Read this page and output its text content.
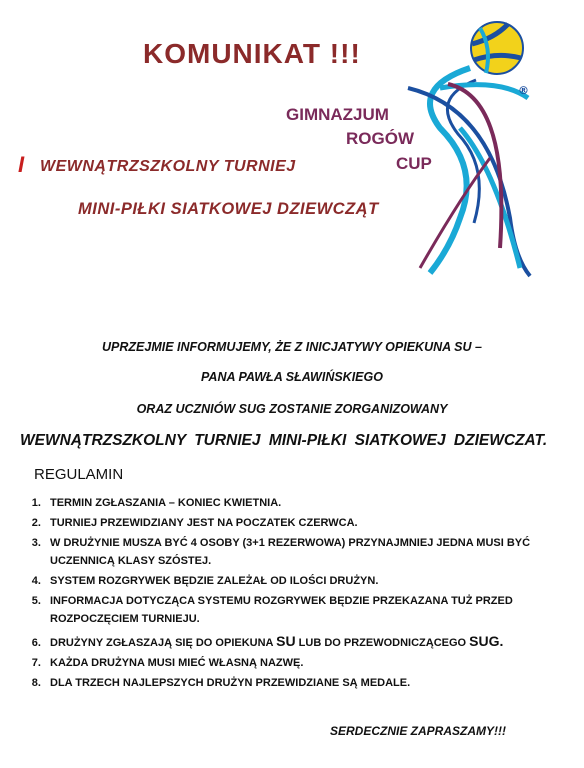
KOMUNIKAT !!!
®
GIMNAZJUM
ROGÓW
CUP
I WEWNĄTRZSZKOLNY TURNIEJ
MINI-PIŁKI SIATKOWEJ DZIEWCZĄT
UPRZEJMIE INFORMUJEMY, ŻE Z INICJATYWY OPIEKUNA SU –
PANA PAWŁA SŁAWIŃSKIEGO
ORAZ UCZNIÓW SUG ZOSTANIE ZORGANIZOWANY
WEWNĄTRZSZKOLNY TURNIEJ MINI-PIŁKI SIATKOWEJ DZIEWCZAT.
REGULAMIN
1. TERMIN ZGŁASZANIA – KONIEC KWIETNIA.
2. TURNIEJ PRZEWIDZIANY JEST NA POCZATEK CZERWCA.
3. W DRUŻYNIE MUSZA BYĆ 4 OSOBY (3+1 REZERWOWA) PRZYNAJMNIEJ JEDNA MUSI BYĆ UCZENNICĄ KLASY SZÓSTEJ.
4. SYSTEM ROZGRYWEK BĘDZIE ZALEŻAŁ OD ILOŚCI DRUŻYN.
5. INFORMACJA DOTYCZĄCA SYSTEMU ROZGRYWEK BĘDZIE PRZEKAZANA TUŻ PRZED ROZPOCZĘCIEM TURNIEJU.
6. DRUŻYNY ZGŁASZAJĄ SIĘ DO OPIEKUNA SU LUB DO PRZEWODNICZĄCEGO SUG.
7. KAŻDA DRUŻYNA MUSI MIEĆ WŁASNĄ NAZWĘ.
8. DLA TRZECH NAJLEPSZYCH DRUŻYN PRZEWIDZIANE SĄ MEDALE.
SERDECZNIE ZAPRASZAMY!!!
